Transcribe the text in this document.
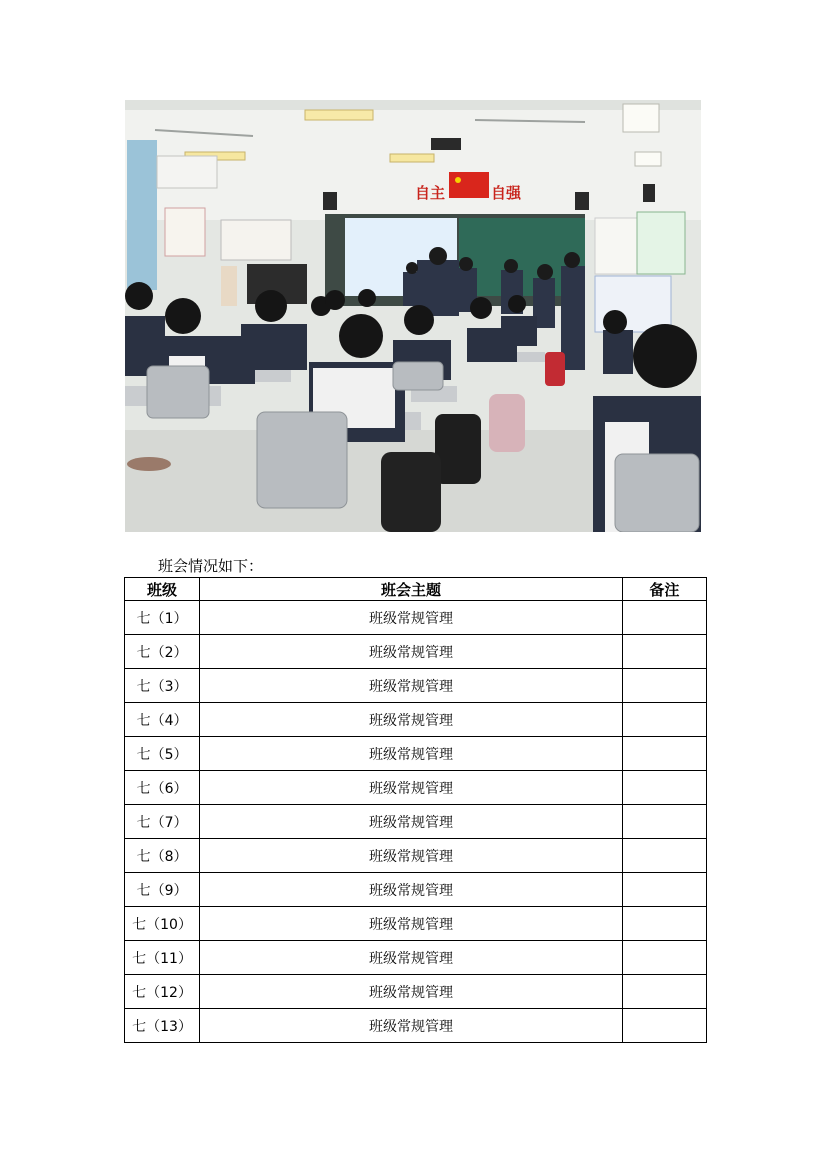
自主	自强
班会情况如下：
班级	班会主题	备注
七（1）	班级常规管理	
七（2）	班级常规管理	
七（3）	班级常规管理	
七（4）	班级常规管理	
七（5）	班级常规管理	
七（6）	班级常规管理	
七（7）	班级常规管理	
七（8）	班级常规管理	
七（9）	班级常规管理	
七（10）	班级常规管理	
七（11）	班级常规管理	
七（12）	班级常规管理	
七（13）	班级常规管理	
